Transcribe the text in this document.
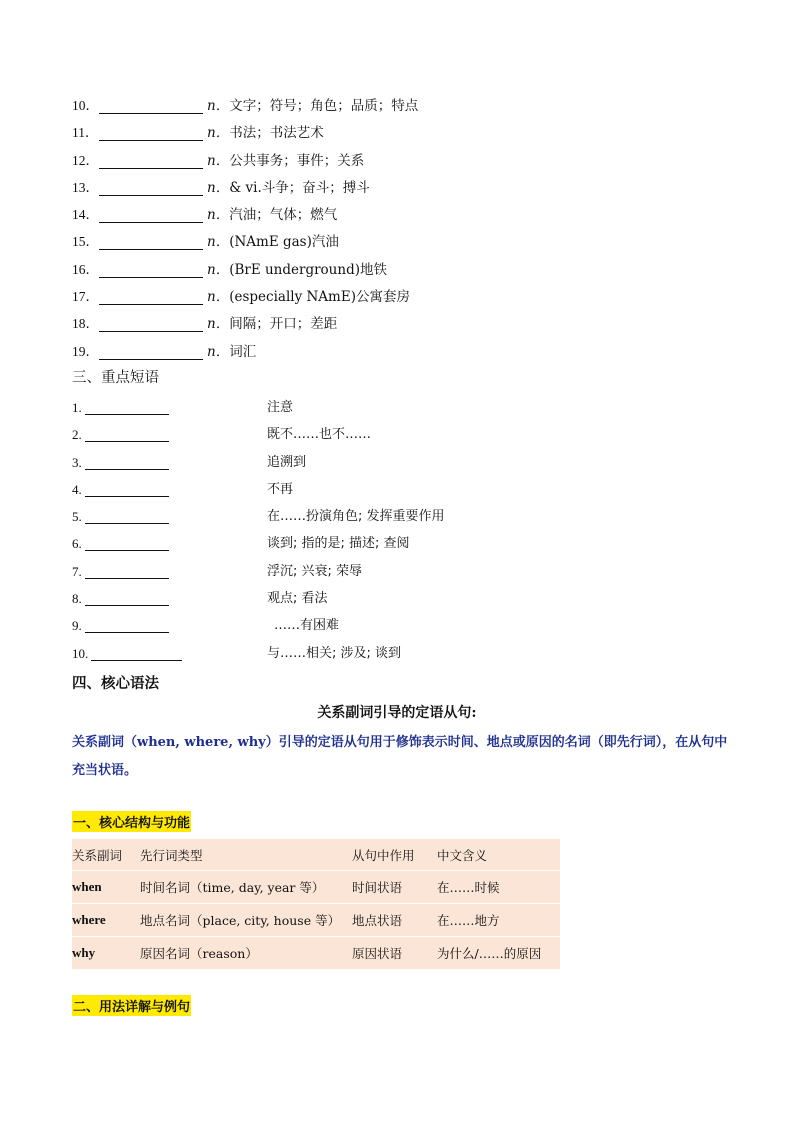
10．	n．文字；符号；角色；品质；特点
11．	n．书法；书法艺术
12．	n．公共事务；事件；关系
13．	n．& vi.斗争；奋斗；搏斗
14．	n．汽油；气体；燃气
15．	n．(NAmE gas)汽油
16．	n．(BrE underground)地铁
17．	n．(especially NAmE)公寓套房
18．	n．间隔；开口；差距
19．	n．词汇
三、重点短语
1.	注意
2.	既不……也不……
3.	追溯到
4.	不再
5.	在……扮演角色; 发挥重要作用
6.	谈到; 指的是; 描述; 查阅
7.	浮沉; 兴衰; 荣辱
8.	观点; 看法
9.	……有困难
10.	与……相关; 涉及; 谈到
四、核心语法
关系副词引导的定语从句:
关系副词（when, where, why）引导的定语从句用于修饰表示时间、地点或原因的名词（即先行词），在从句中充当状语。
一、核心结构与功能
关系副词	先行词类型	从句中作用	中文含义
when	时间名词（time, day, year 等）	时间状语	在……时候
where	地点名词（place, city, house 等）	地点状语	在……地方
why	原因名词（reason）	原因状语	为什么/……的原因
二、用法详解与例句
